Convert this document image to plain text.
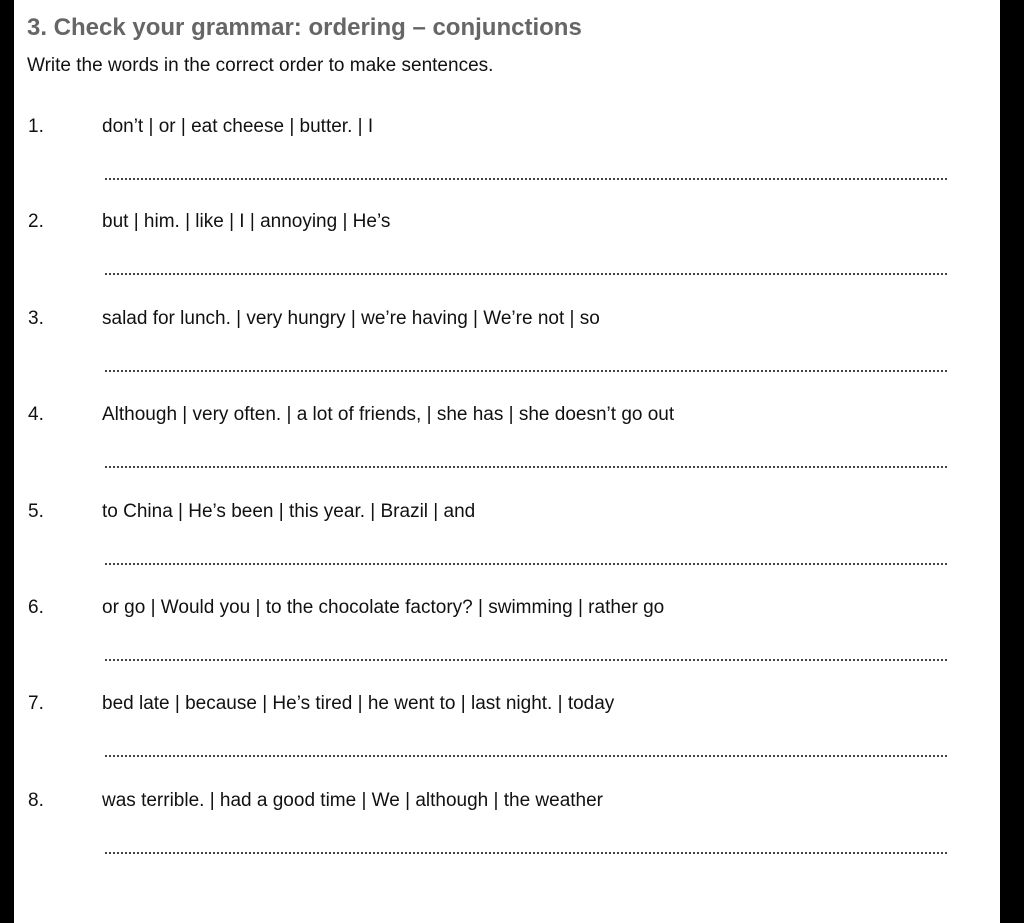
3. Check your grammar: ordering – conjunctions

Write the words in the correct order to make sentences.

1.	don’t | or | eat cheese | butter. | I
2.	but | him. | like | I | annoying | He’s
3.	salad for lunch. | very hungry | we’re having | We’re not | so
4.	Although | very often. | a lot of friends, | she has | she doesn’t go out
5.	to China | He’s been | this year. | Brazil | and
6.	or go | Would you | to the chocolate factory? | swimming | rather go
7.	bed late | because | He’s tired | he went to | last night. | today
8.	was terrible. | had a good time | We | although | the weather
